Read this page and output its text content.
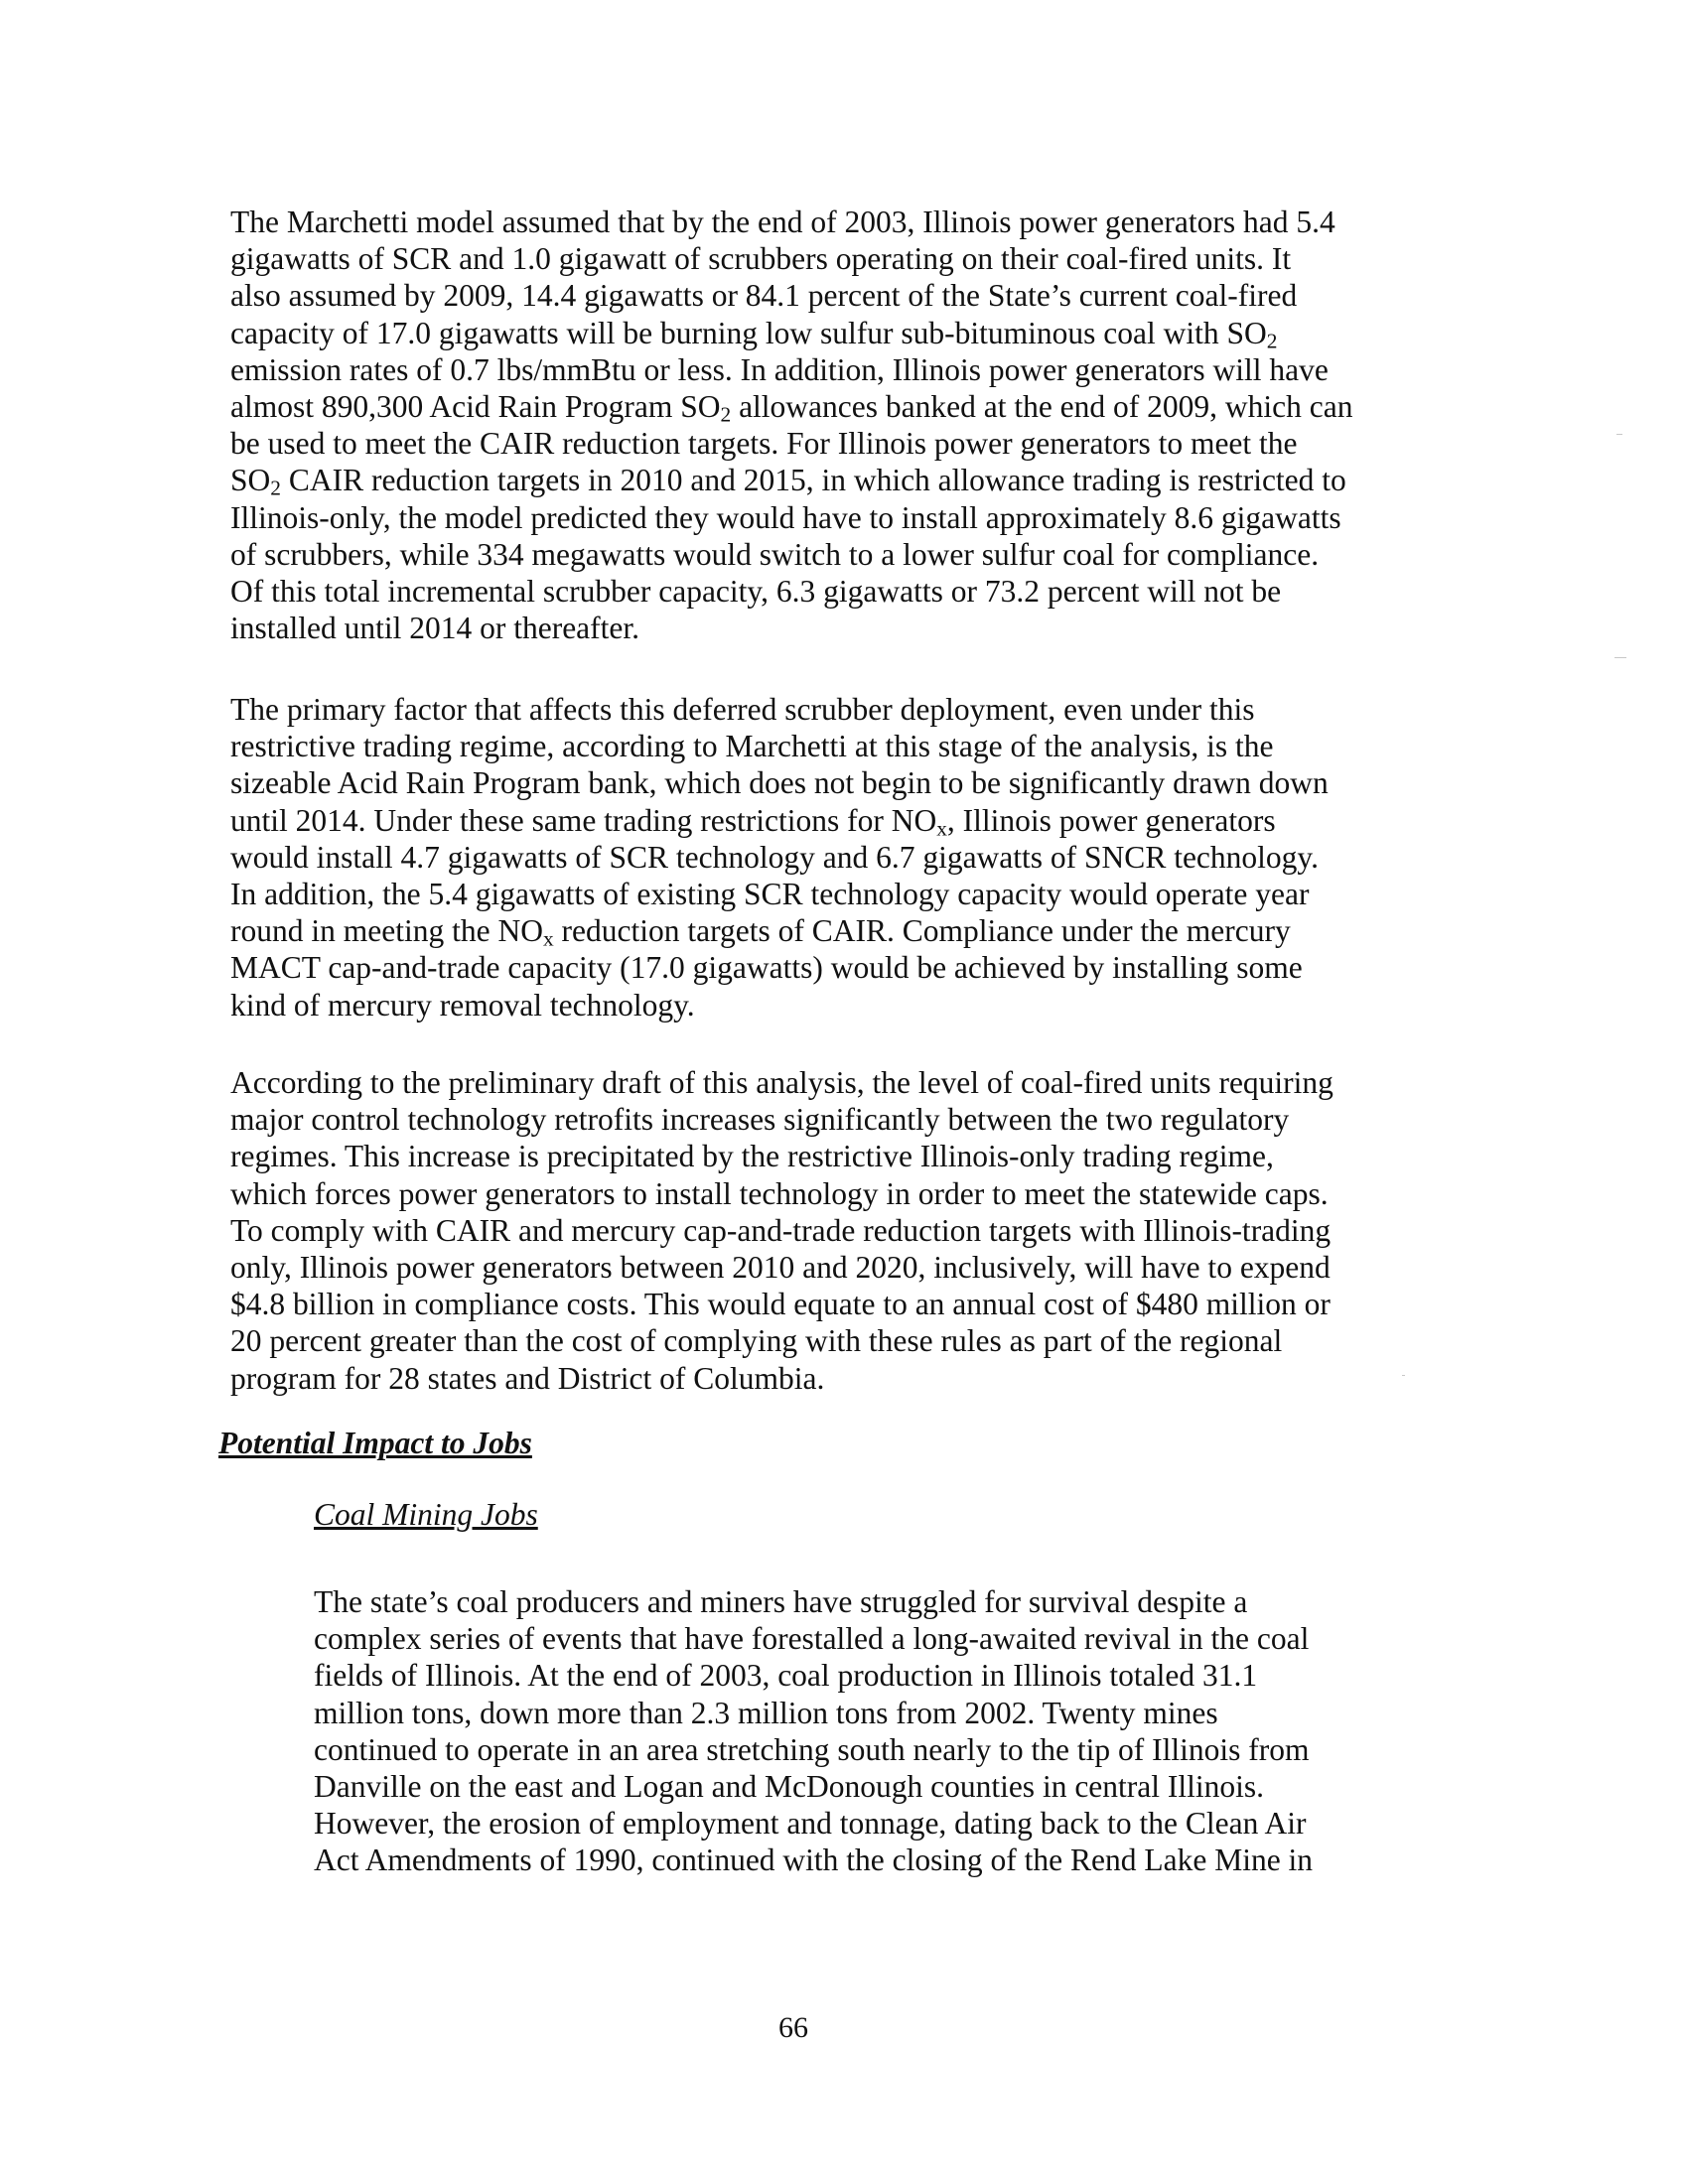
The Marchetti model assumed that by the end of 2003, Illinois power generators had 5.4
gigawatts of SCR and 1.0 gigawatt of scrubbers operating on their coal-fired units. It
also assumed by 2009, 14.4 gigawatts or 84.1 percent of the State’s current coal-fired
capacity of 17.0 gigawatts will be burning low sulfur sub-bituminous coal with SO2
emission rates of 0.7 lbs/mmBtu or less. In addition, Illinois power generators will have
almost 890,300 Acid Rain Program SO2 allowances banked at the end of 2009, which can
be used to meet the CAIR reduction targets. For Illinois power generators to meet the
SO2 CAIR reduction targets in 2010 and 2015, in which allowance trading is restricted to
Illinois-only, the model predicted they would have to install approximately 8.6 gigawatts
of scrubbers, while 334 megawatts would switch to a lower sulfur coal for compliance.
Of this total incremental scrubber capacity, 6.3 gigawatts or 73.2 percent will not be
installed until 2014 or thereafter.
The primary factor that affects this deferred scrubber deployment, even under this
restrictive trading regime, according to Marchetti at this stage of the analysis, is the
sizeable Acid Rain Program bank, which does not begin to be significantly drawn down
until 2014. Under these same trading restrictions for NOx, Illinois power generators
would install 4.7 gigawatts of SCR technology and 6.7 gigawatts of SNCR technology.
In addition, the 5.4 gigawatts of existing SCR technology capacity would operate year
round in meeting the NOx reduction targets of CAIR. Compliance under the mercury
MACT cap-and-trade capacity (17.0 gigawatts) would be achieved by installing some
kind of mercury removal technology.
According to the preliminary draft of this analysis, the level of coal-fired units requiring
major control technology retrofits increases significantly between the two regulatory
regimes. This increase is precipitated by the restrictive Illinois-only trading regime,
which forces power generators to install technology in order to meet the statewide caps.
To comply with CAIR and mercury cap-and-trade reduction targets with Illinois-trading
only, Illinois power generators between 2010 and 2020, inclusively, will have to expend
$4.8 billion in compliance costs. This would equate to an annual cost of $480 million or
20 percent greater than the cost of complying with these rules as part of the regional
program for 28 states and District of Columbia.
Potential Impact to Jobs
Coal Mining Jobs
The state’s coal producers and miners have struggled for survival despite a
complex series of events that have forestalled a long-awaited revival in the coal
fields of Illinois. At the end of 2003, coal production in Illinois totaled 31.1
million tons, down more than 2.3 million tons from 2002. Twenty mines
continued to operate in an area stretching south nearly to the tip of Illinois from
Danville on the east and Logan and McDonough counties in central Illinois.
However, the erosion of employment and tonnage, dating back to the Clean Air
Act Amendments of 1990, continued with the closing of the Rend Lake Mine in
66
